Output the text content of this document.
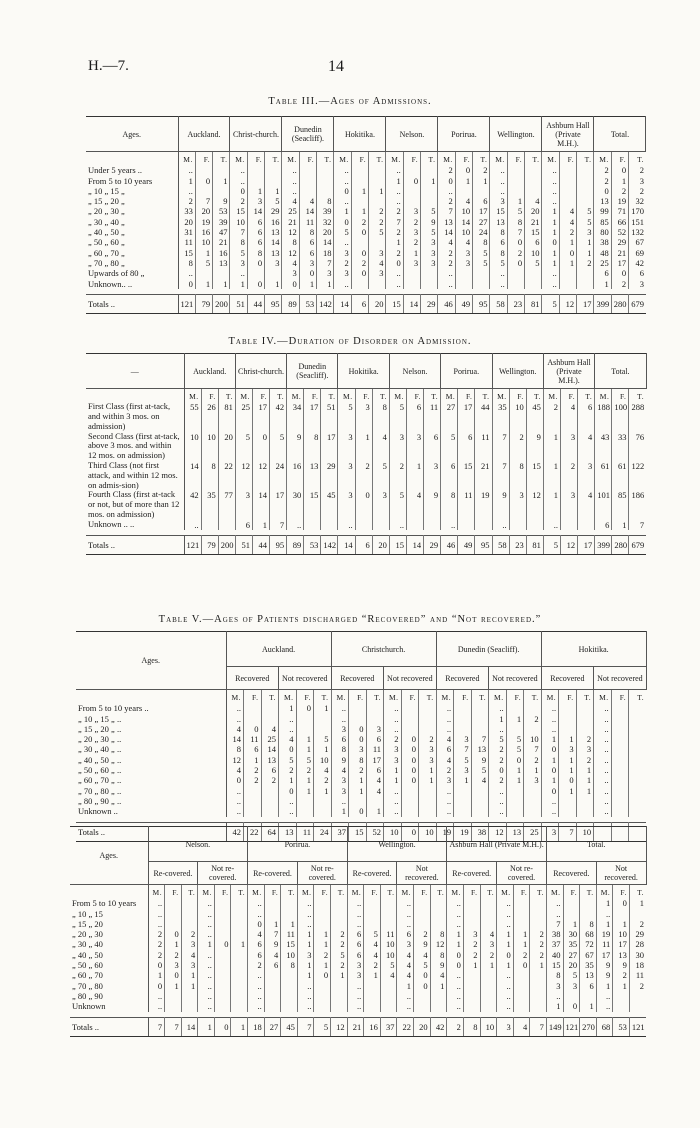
H.—7.	14
Table III.—Ages of Admissions.
Ages.	Auckland.			Christ-church.			Dunedin (Seacliff).			Hokitika.			Nelson.			Porirua.			Wellington.			Ashburn Hall (Private M.H.).			Total.		
	M.	F.	T.	M.	F.	T.	M.	F.	T.	M.	F.	T.	M.	F.	T.	M.	F.	T.	M.	F.	T.	M.	F.	T.	M.	F.	T.
Under 5 years ..	..			..			..			..			..			2	0	2	..			..			2	0	2
From 5 to 10 years	1	0	1	..			..			..			1	0	1	0	1	1	..			..			2	1	3
„ 10 „ 15 „	..			0	1	1	..			0	1	1	..			..			..			..			0	2	2
„ 15 „ 20 „	2	7	9	2	3	5	4	4	8	..			..			2	4	6	3	1	4	..			13	19	32
„ 20 „ 30 „	33	20	53	15	14	29	25	14	39	1	1	2	2	3	5	7	10	17	15	5	20	1	4	5	99	71	170
„ 30 „ 40 „	20	19	39	10	6	16	21	11	32	0	2	2	7	2	9	13	14	27	13	8	21	1	4	5	85	66	151
„ 40 „ 50 „	31	16	47	7	6	13	12	8	20	5	0	5	2	3	5	14	10	24	8	7	15	1	2	3	80	52	132
„ 50 „ 60 „	11	10	21	8	6	14	8	6	14	..			1	2	3	4	4	8	6	0	6	0	1	1	38	29	67
„ 60 „ 70 „	15	1	16	5	8	13	12	6	18	3	0	3	2	1	3	2	3	5	8	2	10	1	0	1	48	21	69
„ 70 „ 80 „	8	5	13	3	0	3	4	3	7	2	2	4	0	3	3	2	3	5	5	0	5	1	1	2	25	17	42
Upwards of 80 „	..			..			3	0	3	3	0	3	..			..			..			..			6	0	6
Unknown.. ..	0	1	1	1	0	1	0	1	1	..			..			..			..			..			1	2	3

Totals ..	121	79	200	51	44	95	89	53	142	14	6	20	15	14	29	46	49	95	58	23	81	5	12	17	399	280	679
Table IV.—Duration of Disorder on Admission.
—	Auckland.			Christ-church.			Dunedin (Seacliff).			Hokitika.			Nelson.			Porirua.			Wellington.			Ashburn Hall (Private M.H.).			Total.		
	M.	F.	T.	M.	F.	T.	M.	F.	T.	M.	F.	T.	M.	F.	T.	M.	F.	T.	M.	F.	T.	M.	F.	T.	M.	F.	T.
First Class (first at-tack, and within 3 mos. on admission)	55	26	81	25	17	42	34	17	51	5	3	8	5	6	11	27	17	44	35	10	45	2	4	6	188	100	288
Second Class (first at-tack, above 3 mos. and within 12 mos. on admission)	10	10	20	5	0	5	9	8	17	3	1	4	3	3	6	5	6	11	7	2	9	1	3	4	43	33	76
Third Class (not first attack, and within 12 mos. on admis-sion)	14	8	22	12	12	24	16	13	29	3	2	5	2	1	3	6	15	21	7	8	15	1	2	3	61	61	122
Fourth Class (first at-tack or not, but of more than 12 mos. on admission)	42	35	77	3	14	17	30	15	45	3	0	3	5	4	9	8	11	19	9	3	12	1	3	4	101	85	186
Unknown .. ..	..			6	1	7	..			..			..			..			..			..			6	1	7

Totals ..	121	79	200	51	44	95	89	53	142	14	6	20	15	14	29	46	49	95	58	23	81	5	12	17	399	280	679
Table V.—Ages of Patients discharged “Recovered” and “Not recovered.”
Ages.	Auckland.						Christchurch.						Dunedin (Seacliff).						Hokitika.					
	Recovered			Not recovered			Recovered			Not recovered			Recovered			Not recovered			Recovered			Not recovered		
	M.	F.	T.	M.	F.	T.	M.	F.	T.	M.	F.	T.	M.	F.	T.	M.	F.	T.	M.	F.	T.	M.	F.	T.
From 5 to 10 years ..	..			1	0	1	..			..			..			..			..			..		
„ 10 „ 15 „ ..	..			..			..			..			..			1	1	2	..			..		
„ 15 „ 20 „ ..	4	0	4	..			3	0	3	..			..			..			..			..		
„ 20 „ 30 „ ..	14	11	25	4	1	5	6	0	6	2	0	2	4	3	7	5	5	10	1	1	2	..		
„ 30 „ 40 „ ..	8	6	14	0	1	1	8	3	11	3	0	3	6	7	13	2	5	7	0	3	3	..		
„ 40 „ 50 „ ..	12	1	13	5	5	10	9	8	17	3	0	3	4	5	9	2	0	2	1	1	2	..		
„ 50 „ 60 „ ..	4	2	6	2	2	4	4	2	6	1	0	1	2	3	5	0	1	1	0	1	1	..		
„ 60 „ 70 „ ..	0	2	2	1	1	2	3	1	4	1	0	1	3	1	4	2	1	3	1	0	1	..		
„ 70 „ 80 „ ..	..			0	1	1	3	1	4	..			..			..			0	1	1	..		
„ 80 „ 90 „ ..	..			..			..			..			..			..			..			..		
Unknown ..	..			..			1	0	1	..			..			..			..			..		

Totals ..	42	22	64	13	11	24	37	15	52	10	0	10	19	19	38	12	13	25	3	7	10			
Ages.	Nelson.						Porirua.						Wellington.						Ashburn Hall (Private M.H.).						Total.					
	Re-covered.			Not re-covered.			Re-covered.			Not re-covered.			Re-covered.			Not recovered.			Re-covered.			Not re-covered.			Recovered.			Not recovered.		
	M.	F.	T.	M.	F.	T.	M.	F.	T.	M.	F.	T.	M.	F.	T.	M.	F.	T.	M.	F.	T.	M.	F.	T.	M.	F.	T.	M.	F.	T.
From 5 to 10 years	..			..			..			..			..			..			..			..			..			1	0	1
„ 10 „ 15	..			..			..			..			..			..			..			..			..			..		
„ 15 „ 20	..			..			0	1	1	..			..			..			..			..			7	1	8	1	1	2
„ 20 „ 30	2	0	2	..			4	7	11	1	1	2	6	5	11	6	2	8	1	3	4	1	1	2	38	30	68	19	10	29
„ 30 „ 40	2	1	3	1	0	1	6	9	15	1	1	2	6	4	10	3	9	12	1	2	3	1	1	2	37	35	72	11	17	28
„ 40 „ 50	2	2	4	..			6	4	10	3	2	5	6	4	10	4	4	8	0	2	2	0	2	2	40	27	67	17	13	30
„ 50 „ 60	0	3	3	..			2	6	8	1	1	2	3	2	5	4	5	9	0	1	1	1	0	1	15	20	35	9	9	18
„ 60 „ 70	1	0	1	..			..			1	0	1	3	1	4	4	0	4	..			..			8	5	13	9	2	11
„ 70 „ 80	0	1	1	..			..			..			..			1	0	1	..			..			3	3	6	1	1	2
„ 80 „ 90	..			..			..			..			..			..			..			..			..			..		
Unknown	..			..			..			..			..			..			..			..			1	0	1	..		

Totals ..	7	7	14	1	0	1	18	27	45	7	5	12	21	16	37	22	20	42	2	8	10	3	4	7	149	121	270	68	53	121
